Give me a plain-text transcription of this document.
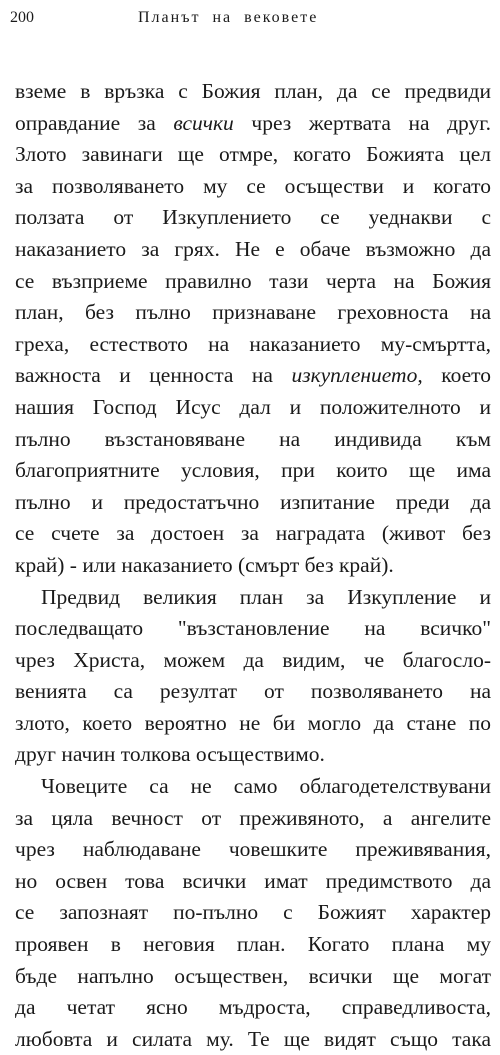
200	Планът на вековете
вземе в връзка с Божия план, да се предвиди
оправдание за всички чрез жертвата на друг.
Злото завинаги ще отмре, когато Божията цел
за позволяването му се осъществи и когато
ползата от Изкуплението се уеднакви с
наказанието за грях. Не е обаче възможно да
се възприеме правилно тази черта на Божия
план, без пълно признаване греховноста на
греха, естеството на наказанието му-смъртта,
важноста и ценноста на изкуплението, което
нашия Господ Исус дал и положителното и
пълно възстановяване на индивида към
благоприятните условия, при които ще има
пълно и предостатъчно изпитание преди да
се счете за достоен за наградата (живот без
край) - или наказанието (смърт без край).
Предвид великия план за Изкупление и
последващато "възстановление на всичко"
чрез Христа, можем да видим, че благосло-
венията са резултат от позволяването на
злото, което вероятно не би могло да стане по
друг начин толкова осъществимо.
Човеците са не само облагодетелствувани
за цяла вечност от преживяното, а ангелите
чрез наблюдаване човешките преживявания,
но освен това всички имат предимството да
се запознаят по-пълно с Божият характер
проявен в неговия план. Когато плана му
бъде напълно осъществен, всички ще могат
да четат ясно мъдроста, справедливоста,
любовта и силата му. Те ще видят също така
